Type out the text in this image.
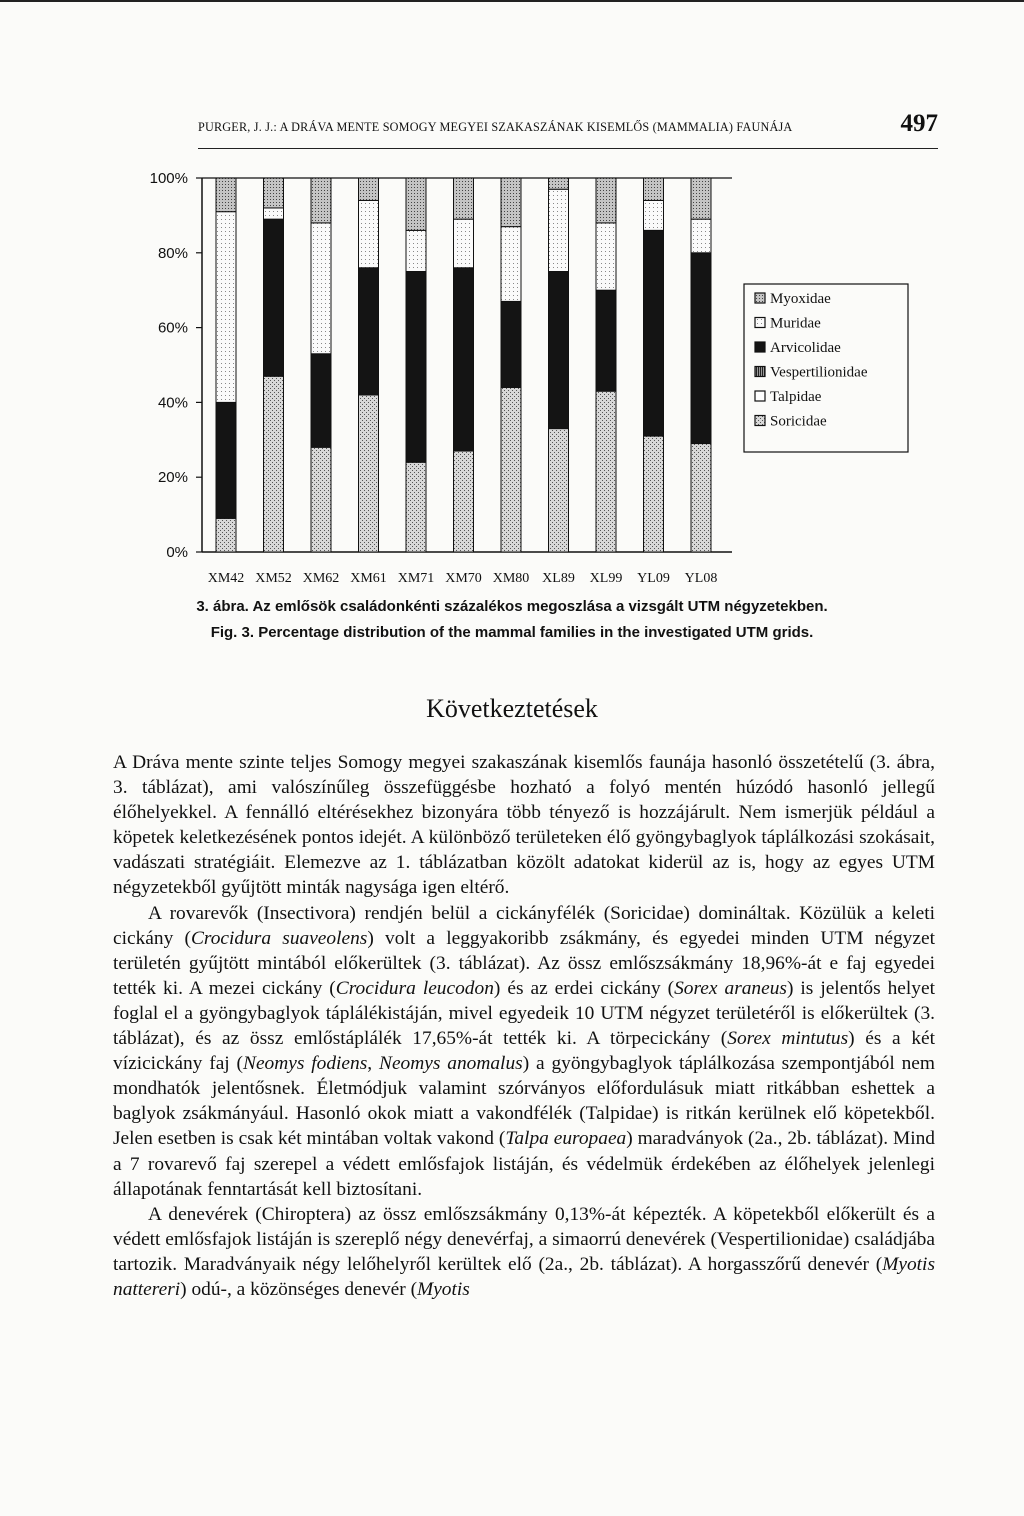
PURGER, J. J.: A DRÁVA MENTE SOMOGY MEGYEI SZAKASZÁNAK KISEMLŐS (MAMMALIA) FAUNÁJA	497
0%
20%
40%
60%
80%
100%
XM42 XM52 XM62 XM61 XM71 XM70 XM80 XL89 XL99 YL09 YL08
Myoxidae
Muridae
Arvicolidae
Vespertilionidae
Talpidae
Soricidae
3. ábra. Az emlősök családonkénti százalékos megoszlása a vizsgált UTM négyzetekben.
Fig. 3. Percentage distribution of the mammal families in the investigated UTM grids.
Következtetések

A Dráva mente szinte teljes Somogy megyei szakaszának kisemlős faunája hasonló összetételű (3. ábra, 3. táblázat), ami valószínűleg összefüggésbe hozható a folyó mentén húzódó hasonló jellegű élőhelyekkel. A fennálló eltérésekhez bizonyára több tényező is hozzájárult. Nem ismerjük például a köpetek keletkezésének pontos idejét. A különböző területeken élő gyöngybaglyok táplálkozási szokásait, vadászati stratégiáit. Elemezve az 1. táblázatban közölt adatokat kiderül az is, hogy az egyes UTM négyzetekből gyűjtött minták nagysága igen eltérő.

A rovarevők (Insectivora) rendjén belül a cickányfélék (Soricidae) domináltak. Közülük a keleti cickány (Crocidura suaveolens) volt a leggyakoribb zsákmány, és egyedei minden UTM négyzet területén gyűjtött mintából előkerültek (3. táblázat). Az össz emlőszsákmány 18,96%-át e faj egyedei tették ki. A mezei cickány (Crocidura leucodon) és az erdei cickány (Sorex araneus) is jelentős helyet foglal el a gyöngybaglyok táplálékistáján, mivel egyedeik 10 UTM négyzet területéről is előkerültek (3. táblázat), és az össz emlőstáplálék 17,65%-át tették ki. A törpecickány (Sorex mintutus) és a két vízicickány faj (Neomys fodiens, Neomys anomalus) a gyöngybaglyok táplálkozása szempontjából nem mondhatók jelentősnek. Életmódjuk valamint szórványos előfordulásuk miatt ritkábban eshettek a baglyok zsákmányául. Hasonló okok miatt a vakondfélék (Talpidae) is ritkán kerülnek elő köpetekből. Jelen esetben is csak két mintában voltak vakond (Talpa europaea) maradványok (2a., 2b. táblázat). Mind a 7 rovarevő faj szerepel a védett emlősfajok listáján, és védelmük érdekében az élőhelyek jelenlegi állapotának fenntartását kell biztosítani.

A denevérek (Chiroptera) az össz emlőszsákmány 0,13%-át képezték. A köpetekből előkerült és a védett emlősfajok listáján is szereplő négy denevérfaj, a simaorrú denevérek (Vespertilionidae) családjába tartozik. Maradványaik négy lelőhelyről kerültek elő (2a., 2b. táblázat). A horgasszőrű denevér (Myotis nattereri) odú-, a közönséges denevér (Myotis
